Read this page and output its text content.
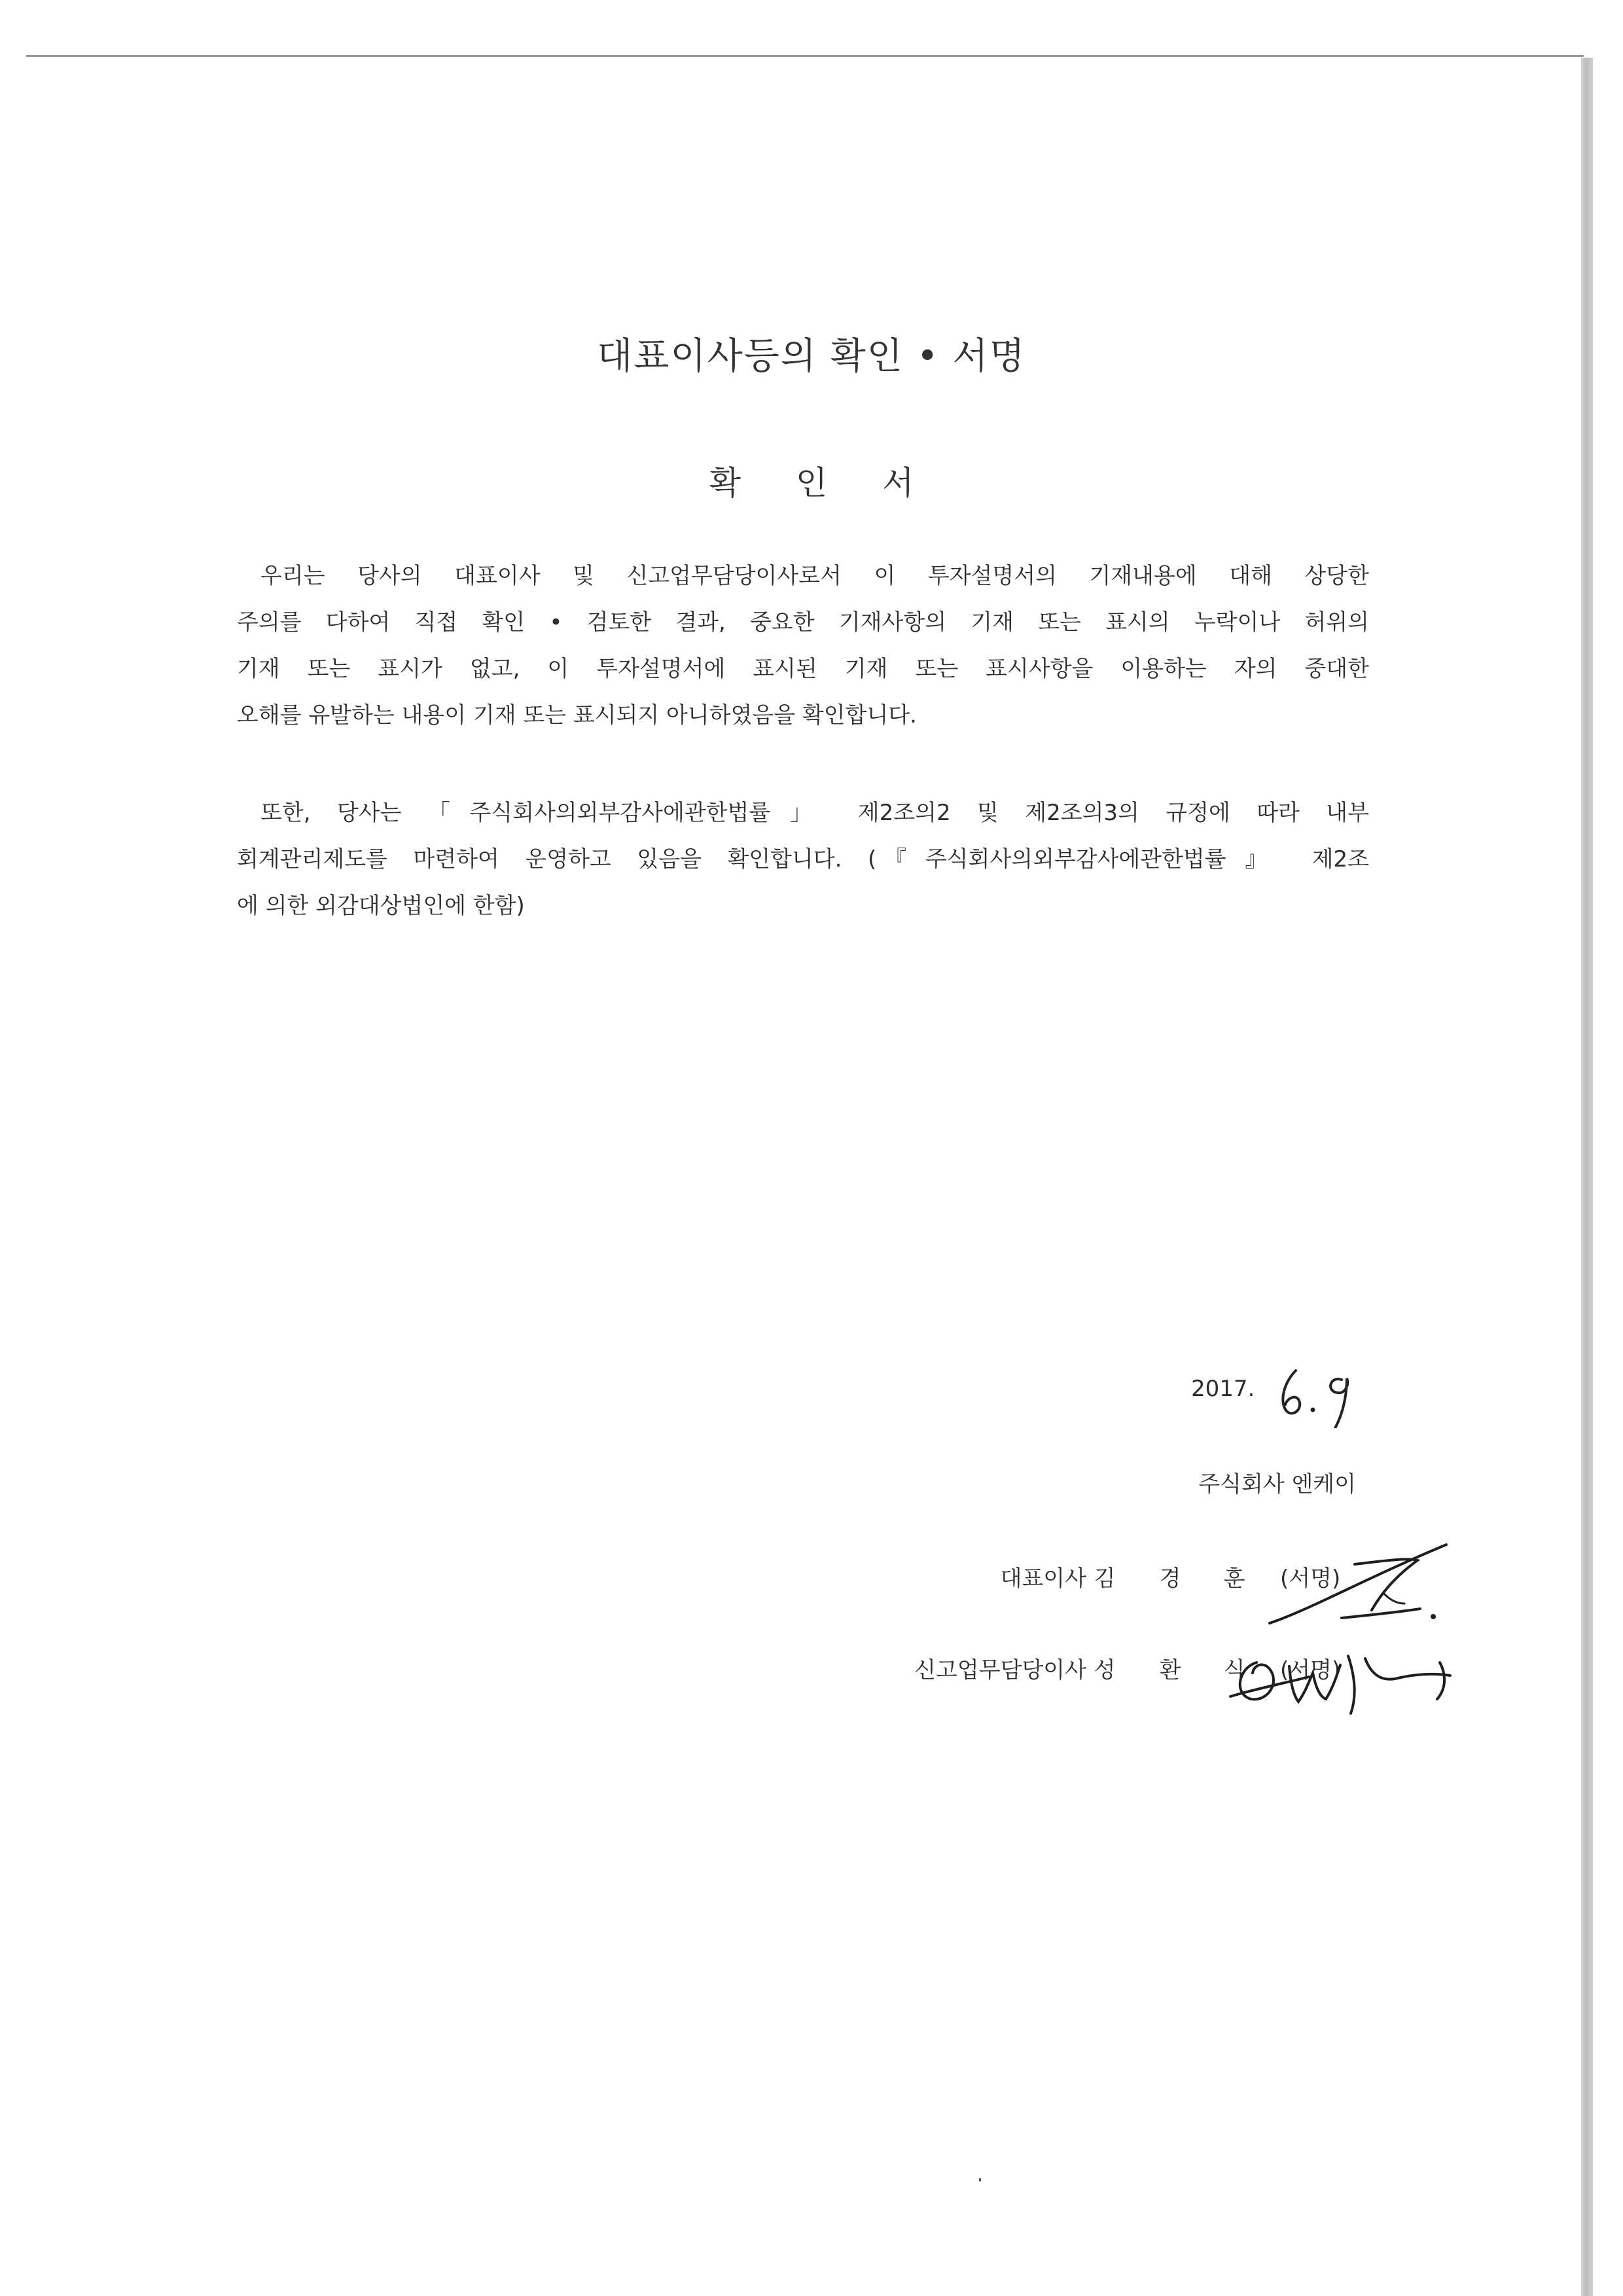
대표이사등의 확인 • 서명
확 인 서
우리는 당사의 대표이사 및 신고업무담당이사로서 이 투자설명서의 기재내용에 대해 상당한
주의를 다하여 직접 확인 • 검토한 결과, 중요한 기재사항의 기재 또는 표시의 누락이나 허위의
기재 또는 표시가 없고, 이 투자설명서에 표시된 기재 또는 표시사항을 이용하는 자의 중대한
오해를 유발하는 내용이 기재 또는 표시되지 아니하였음을 확인합니다.
또한, 당사는 「주식회사의외부감사에관한법률」 제2조의2 및 제2조의3의 규정에 따라 내부
회계관리제도를 마련하여 운영하고 있음을 확인합니다. (『주식회사의외부감사에관한법률』 제2조
에 의한 외감대상법인에 한함)
2017.
주식회사 엔케이
대표이사 김 경 훈 (서명)
신고업무담당이사 성 환 식 (서명)
